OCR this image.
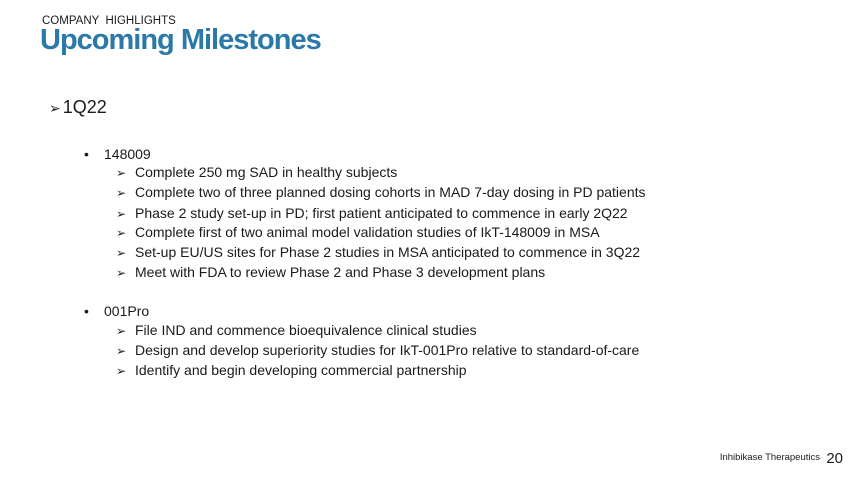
COMPANY  HIGHLIGHTS
Upcoming Milestones
➢ 1Q22
• 148009
➢ Complete 250 mg SAD in healthy subjects
➢ Complete two of three planned dosing cohorts in MAD 7-day dosing in PD patients
➢ Phase 2 study set-up in PD; first patient anticipated to commence in early 2Q22
➢ Complete first of two animal model validation studies of IkT-148009 in MSA
➢ Set-up EU/US sites for Phase 2 studies in MSA anticipated to commence in 3Q22
➢ Meet with FDA to review Phase 2 and Phase 3 development plans
• 001Pro
➢ File IND and commence bioequivalence clinical studies
➢ Design and develop superiority studies for IkT-001Pro relative to standard-of-care
➢ Identify and begin developing commercial partnership
Inhibikase Therapeutics 20
